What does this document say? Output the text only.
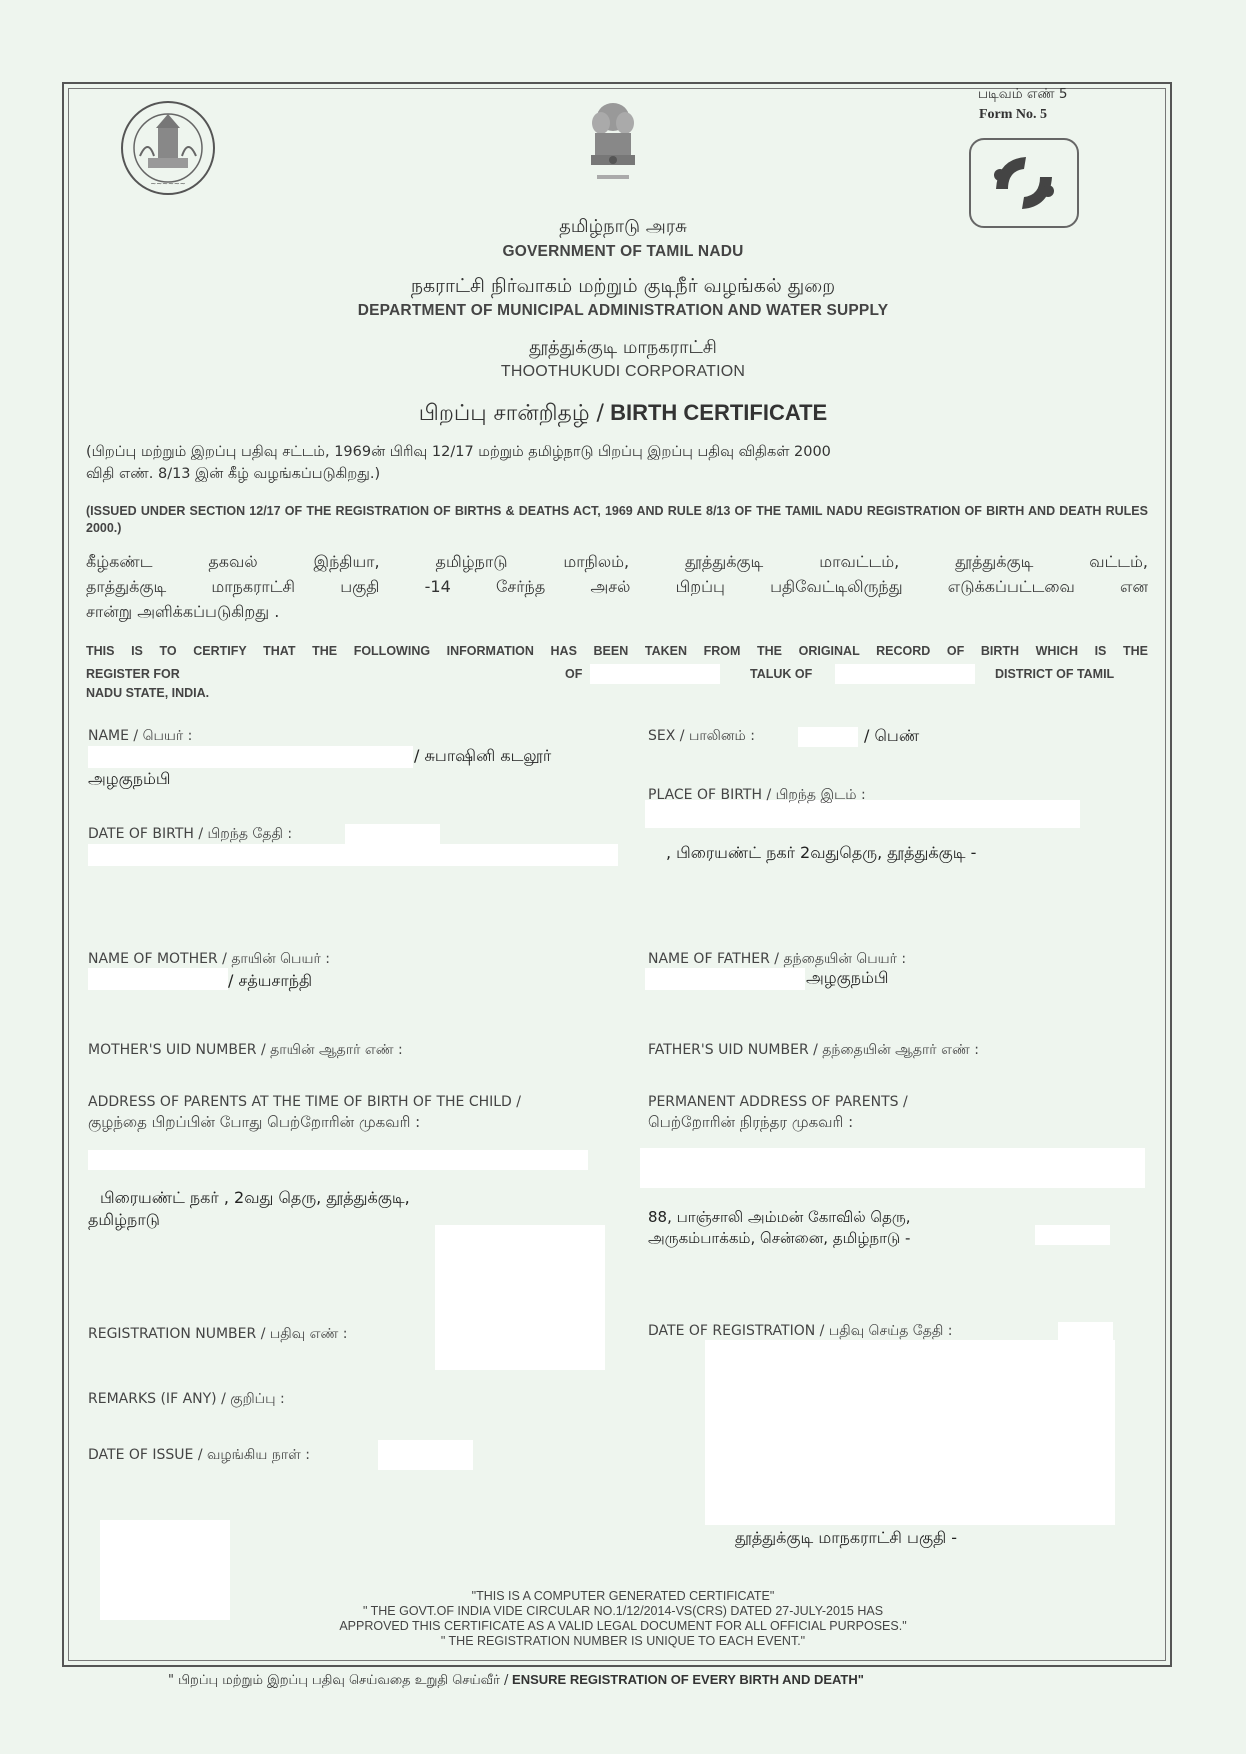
~~~~~~
படிவம் எண் 5
Form No. 5
தமிழ்நாடு அரசு
GOVERNMENT OF TAMIL NADU
நகராட்சி நிர்வாகம் மற்றும் குடிநீர் வழங்கல் துறை
DEPARTMENT OF MUNICIPAL ADMINISTRATION AND WATER SUPPLY
தூத்துக்குடி மாநகராட்சி
THOOTHUKUDI CORPORATION
பிறப்பு சான்றிதழ் / BIRTH CERTIFICATE
(பிறப்பு மற்றும் இறப்பு பதிவு சட்டம், 1969ன் பிரிவு 12/17 மற்றும் தமிழ்நாடு பிறப்பு இறப்பு பதிவு விதிகள் 2000
விதி எண். 8/13 இன் கீழ் வழங்கப்படுகிறது.)
(ISSUED UNDER SECTION 12/17 OF THE REGISTRATION OF BIRTHS & DEATHS ACT, 1969 AND RULE 8/13 OF THE TAMIL NADU REGISTRATION OF BIRTH AND DEATH RULES 2000.)
கீழ்கண்ட தகவல் இந்தியா, தமிழ்நாடு மாநிலம், தூத்துக்குடி மாவட்டம், தூத்துக்குடி வட்டம்,
தாத்துக்குடி மாநகராட்சி பகுதி -14 சேர்ந்த அசல் பிறப்பு பதிவேட்டிலிருந்து எடுக்கப்பட்டவை என
சான்று அளிக்கப்படுகிறது .
THIS IS TO CERTIFY THAT THE FOLLOWING INFORMATION HAS BEEN TAKEN FROM THE ORIGINAL RECORD OF BIRTH WHICH IS THE
REGISTER FOR	OF	TALUK OF	DISTRICT OF TAMIL
NADU STATE, INDIA.
NAME / பெயர் :
/ சுபாஷினி கடலூர்
அழகுநம்பி
DATE OF BIRTH / பிறந்த தேதி :
NAME OF MOTHER / தாயின் பெயர் :
/ சத்யசாந்தி
MOTHER'S UID NUMBER / தாயின் ஆதார் எண் :
ADDRESS OF PARENTS AT THE TIME OF BIRTH OF THE CHILD /
குழந்தை பிறப்பின் போது பெற்றோரின் முகவரி :
பிரையண்ட் நகர் , 2வது தெரு, தூத்துக்குடி,
தமிழ்நாடு
REGISTRATION NUMBER / பதிவு எண் :
REMARKS (IF ANY) / குறிப்பு :
DATE OF ISSUE / வழங்கிய நாள் :
SEX / பாலினம் :	/ பெண்
PLACE OF BIRTH / பிறந்த இடம் :
, பிரையண்ட் நகர் 2வதுதெரு, தூத்துக்குடி -
NAME OF FATHER / தந்தையின் பெயர் :
அழகுநம்பி
FATHER'S UID NUMBER / தந்தையின் ஆதார் எண் :
PERMANENT ADDRESS OF PARENTS /
பெற்றோரின் நிரந்தர முகவரி :
88, பாஞ்சாலி அம்மன் கோவில் தெரு,
அருகம்பாக்கம், சென்னை, தமிழ்நாடு -
DATE OF REGISTRATION / பதிவு செய்த தேதி :
தூத்துக்குடி மாநகராட்சி பகுதி -
"THIS IS A COMPUTER GENERATED CERTIFICATE"
" THE GOVT.OF INDIA VIDE CIRCULAR NO.1/12/2014-VS(CRS) DATED 27-JULY-2015 HAS
APPROVED THIS CERTIFICATE AS A VALID LEGAL DOCUMENT FOR ALL OFFICIAL PURPOSES."
" THE REGISTRATION NUMBER IS UNIQUE TO EACH EVENT."
" பிறப்பு மற்றும் இறப்பு பதிவு செய்வதை உறுதி செய்வீர் / ENSURE REGISTRATION OF EVERY BIRTH AND DEATH"
